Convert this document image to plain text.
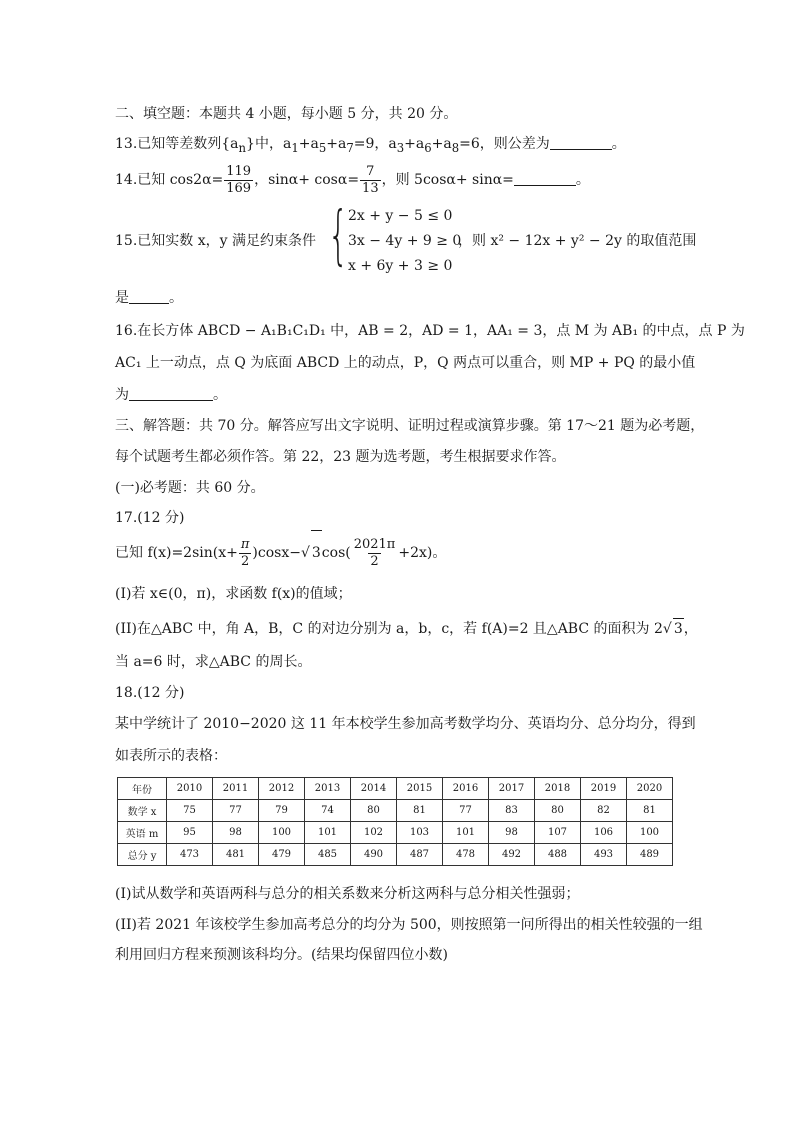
二、填空题：本题共 4 小题，每小题 5 分，共 20 分。
13.已知等差数列$\{a_n\}$中，$a_1+a_5+a_7=9$，$a_3+a_6+a_8=6$，则公差为	。
14.已知 $\cos 2\alpha= \frac{119}{169}$ ，$\sin\alpha+ \cos\alpha= \frac{7}{13}$ ，则 5cosα+ sinα=	。
15.已知实数 x，y 满足约束条件 { 2x + y − 5 ≤ 0
3x − 4y + 9 ≥ 0
x + 6y + 3 ≥ 0
，则 x² − 12x + y² − 2y 的取值范围
是	。
16.在长方体 ABCD − A₁B₁C₁D₁ 中，AB = 2，AD = 1，AA₁ = 3，点 M 为 AB₁ 的中点，点 P 为
AC₁ 上一动点，点 Q 为底面 ABCD 上的动点，P，Q 两点可以重合，则 MP + PQ 的最小值
为	。
三、解答题：共 70 分。解答应写出文字说明、证明过程或演算步骤。第 17～21 题为必考题，
每个试题考生都必须作答。第 22，23 题为选考题，考生根据要求作答。
(一)必考题：共 60 分。
17.(12 分)
已知 $f(x)=2\sin(x+ \frac{\pi}{2} )\cos x-√$ $3\cos( \frac{2021\pi}{2} +2x)$。
(I)若 x∈(0，π)，求函数 f(x)的值域；
(II)在△ABC 中，角 A，B，C 的对边分别为 a，b，c，若 f(A)=2 且△ABC 的面积为 2√ 3，
当 a=6 时，求△ABC 的周长。
18.(12 分)
某中学统计了 2010−2020 这 11 年本校学生参加高考数学均分、英语均分、总分均分，得到
如表所示的表格：
年份	2010	2011	2012	2013	2014	2015	2016	2017	2018	2019	2020
数学 x	75	77	79	74	80	81	77	83	80	82	81
英语 m	95	98	100	101	102	103	101	98	107	106	100
总分 y	473	481	479	485	490	487	478	492	488	493	489
(I)试从数学和英语两科与总分的相关系数来分析这两科与总分相关性强弱；
(II)若 2021 年该校学生参加高考总分的均分为 500，则按照第一问所得出的相关性较强的一组
利用回归方程来预测该科均分。(结果均保留四位小数)
